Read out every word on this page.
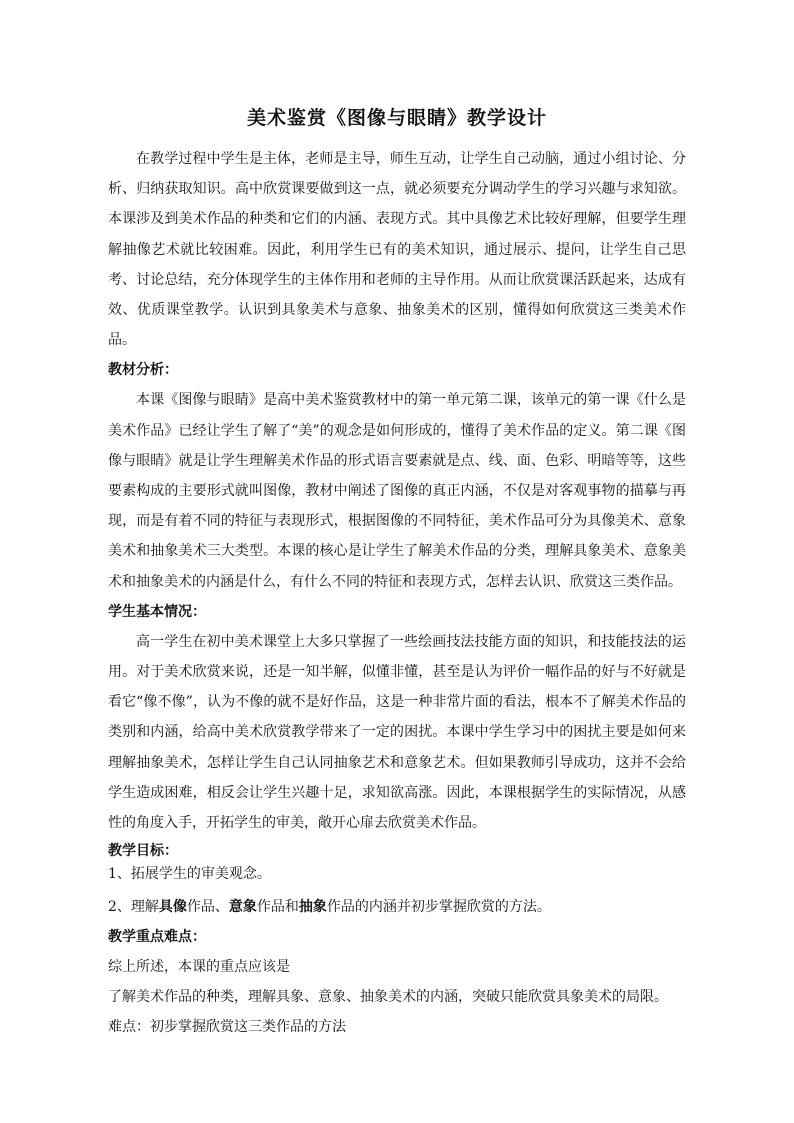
美术鉴赏《图像与眼睛》教学设计

在教学过程中学生是主体，老师是主导，师生互动，让学生自己动脑，通过小组讨论、分析、归纳获取知识。高中欣赏课要做到这一点，就必须要充分调动学生的学习兴趣与求知欲。本课涉及到美术作品的种类和它们的内涵、表现方式。其中具像艺术比较好理解，但要学生理解抽像艺术就比较困难。因此，利用学生已有的美术知识，通过展示、提问，让学生自己思考、讨论总结，充分体现学生的主体作用和老师的主导作用。从而让欣赏课活跃起来，达成有效、优质课堂教学。认识到具象美术与意象、抽象美术的区别，懂得如何欣赏这三类美术作品。

教材分析：

本课《图像与眼睛》是高中美术鉴赏教材中的第一单元第二课，该单元的第一课《什么是美术作品》已经让学生了解了“美”的观念是如何形成的，懂得了美术作品的定义。第二课《图像与眼睛》就是让学生理解美术作品的形式语言要素就是点、线、面、色彩、明暗等等，这些要素构成的主要形式就叫图像，教材中阐述了图像的真正内涵，不仅是对客观事物的描摹与再现，而是有着不同的特征与表现形式，根据图像的不同特征，美术作品可分为具像美术、意象美术和抽象美术三大类型。本课的核心是让学生了解美术作品的分类，理解具象美术、意象美术和抽象美术的内涵是什么，有什么不同的特征和表现方式，怎样去认识、欣赏这三类作品。

学生基本情况：

高一学生在初中美术课堂上大多只掌握了一些绘画技法技能方面的知识，和技能技法的运用。对于美术欣赏来说，还是一知半解，似懂非懂，甚至是认为评价一幅作品的好与不好就是看它“像不像”，认为不像的就不是好作品，这是一种非常片面的看法，根本不了解美术作品的类别和内涵，给高中美术欣赏教学带来了一定的困扰。本课中学生学习中的困扰主要是如何来理解抽象美术，怎样让学生自己认同抽象艺术和意象艺术。但如果教师引导成功，这并不会给学生造成困难，相反会让学生兴趣十足，求知欲高涨。因此，本课根据学生的实际情况，从感性的角度入手，开拓学生的审美，敞开心扉去欣赏美术作品。

教学目标：

1、拓展学生的审美观念。

2、理解具像作品、意象作品和抽象作品的内涵并初步掌握欣赏的方法。

教学重点难点：

综上所述，本课的重点应该是

了解美术作品的种类，理解具象、意象、抽象美术的内涵，突破只能欣赏具象美术的局限。

难点：初步掌握欣赏这三类作品的方法
